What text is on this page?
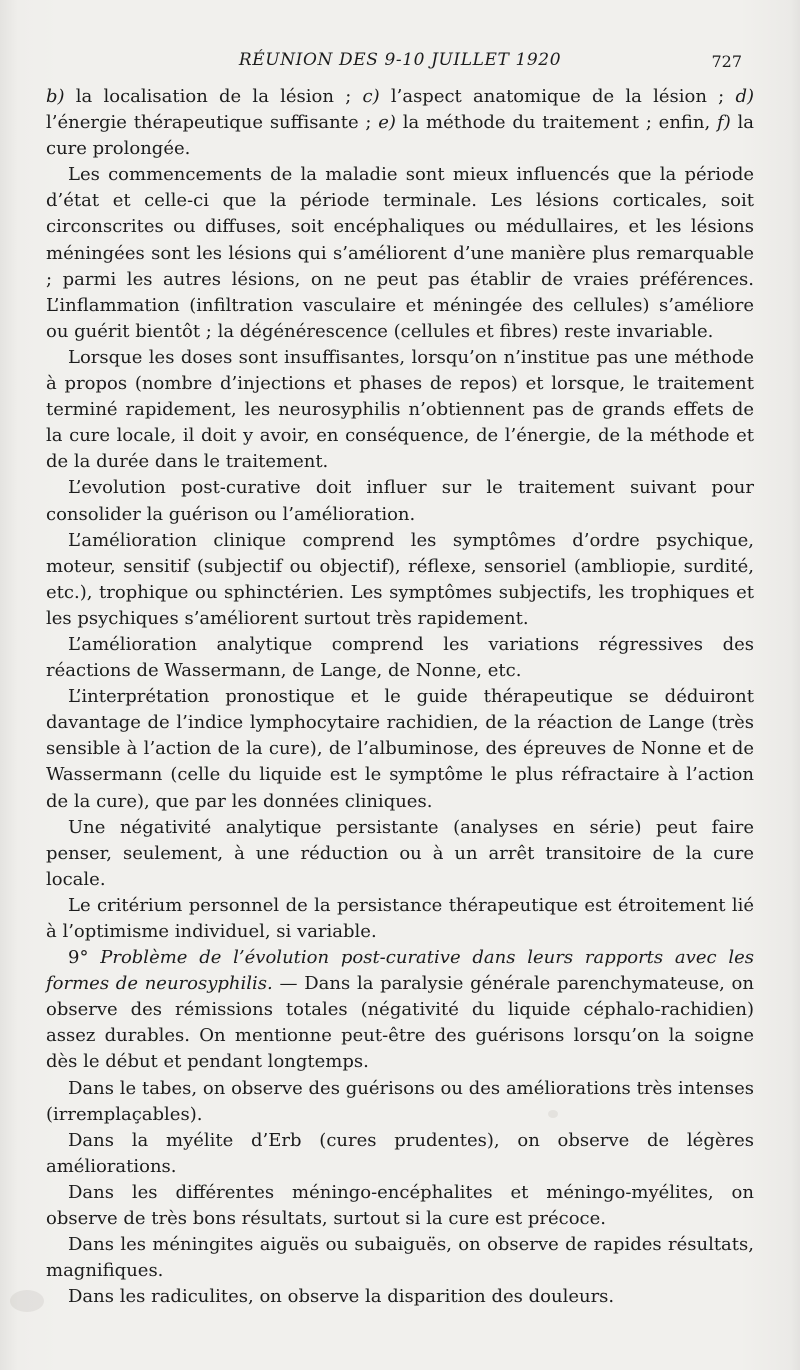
RÉUNION DES 9-10 JUILLET 1920	727

b) la localisation de la lésion ; c) l’aspect anatomique de la lésion ; d) l’énergie thérapeutique suffisante ; e) la méthode du traitement ; enfin, f) la cure prolongée.

Les commencements de la maladie sont mieux influencés que la période d’état et celle-ci que la période terminale. Les lésions corticales, soit circonscrites ou diffuses, soit encéphaliques ou médullaires, et les lésions méningées sont les lésions qui s’améliorent d’une manière plus remarquable ; parmi les autres lésions, on ne peut pas établir de vraies préférences. L’inflammation (infiltration vasculaire et méningée des cellules) s’améliore ou guérit bientôt ; la dégénérescence (cellules et fibres) reste invariable.

Lorsque les doses sont insuffisantes, lorsqu’on n’institue pas une méthode à propos (nombre d’injections et phases de repos) et lorsque, le traitement terminé rapidement, les neurosyphilis n’obtiennent pas de grands effets de la cure locale, il doit y avoir, en conséquence, de l’énergie, de la méthode et de la durée dans le traitement.

L’evolution post-curative doit influer sur le traitement suivant pour consolider la guérison ou l’amélioration.

L’amélioration clinique comprend les symptômes d’ordre psychique, moteur, sensitif (subjectif ou objectif), réflexe, sensoriel (ambliopie, surdité, etc.), trophique ou sphinctérien. Les symptômes subjectifs, les trophiques et les psychiques s’améliorent surtout très rapidement.

L’amélioration analytique comprend les variations régressives des réactions de Wassermann, de Lange, de Nonne, etc.

L’interprétation pronostique et le guide thérapeutique se déduiront davantage de l’indice lymphocytaire rachidien, de la réaction de Lange (très sensible à l’action de la cure), de l’albuminose, des épreuves de Nonne et de Wassermann (celle du liquide est le symptôme le plus réfractaire à l’action de la cure), que par les données cliniques.

Une négativité analytique persistante (analyses en série) peut faire penser, seulement, à une réduction ou à un arrêt transitoire de la cure locale.

Le critérium personnel de la persistance thérapeutique est étroitement lié à l’optimisme individuel, si variable.

9° Problème de l’évolution post-curative dans leurs rapports avec les formes de neurosyphilis. — Dans la paralysie générale parenchymateuse, on observe des rémissions totales (négativité du liquide céphalo-rachidien) assez durables. On mentionne peut-être des guérisons lorsqu’on la soigne dès le début et pendant longtemps.

Dans le tabes, on observe des guérisons ou des améliorations très intenses (irremplaçables).

Dans la myélite d’Erb (cures prudentes), on observe de légères améliorations.

Dans les différentes méningo-encéphalites et méningo-myélites, on observe de très bons résultats, surtout si la cure est précoce.

Dans les méningites aiguës ou subaiguës, on observe de rapides résultats, magnifiques.

Dans les radiculites, on observe la disparition des douleurs.
